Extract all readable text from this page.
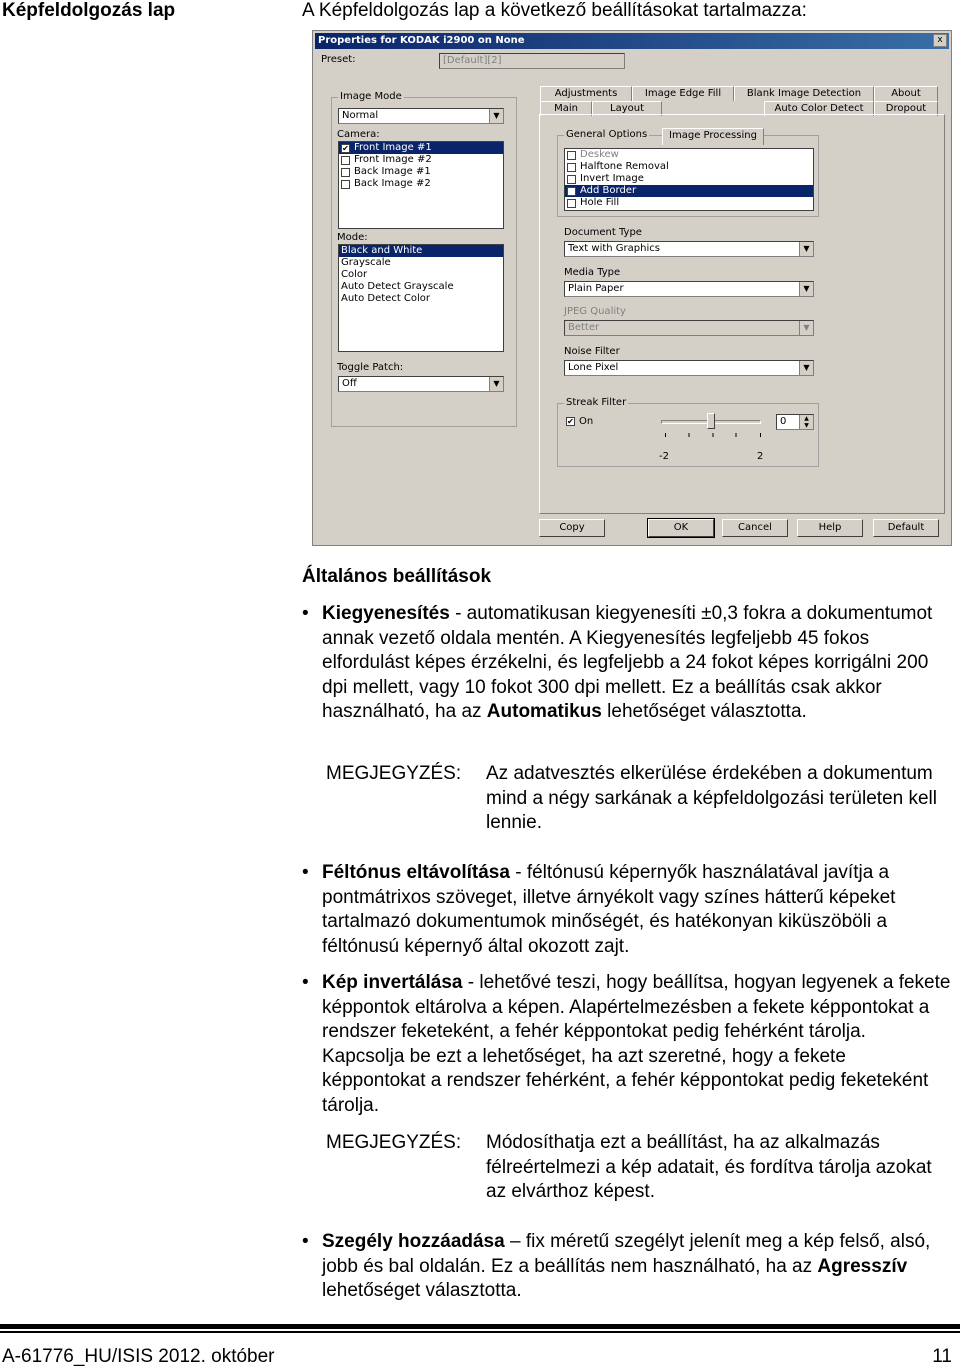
Képfeldolgozás lap	A Képfeldolgozás lap a következő beállításokat tartalmazza:
Properties for KODAK i2900 on None	x
Preset:	[Default][2]
Image Mode
Normal	▼
Camera:
✔ Front Image #1
Front Image #2
Back Image #1
Back Image #2
Mode:
Black and White
Grayscale
Color
Auto Detect Grayscale
Auto Detect Color
Toggle Patch:
Off	▼
Adjustments	Image Edge Fill	Blank Image Detection	About
Main	Layout
Image Processing
Auto Color Detect	Dropout
General Options
Deskew
Halftone Removal
Invert Image
Add Border
Hole Fill
Document Type
Text with Graphics	▼
Media Type
Plain Paper	▼
JPEG Quality
Better	▼
Noise Filter
Lone Pixel	▼
Streak Filter
✔ On
-2	2
0	▲
▼
Copy	OK	Cancel	Help	Default
Általános beállítások
• Kiegyenesítés - automatikusan kiegyenesíti ±0,3 fokra a dokumentumot annak vezető oldala mentén. A Kiegyenesítés legfeljebb 45 fokos elfordulást képes érzékelni, és legfeljebb a 24 fokot képes korrigálni 200 dpi mellett, vagy 10 fokot 300 dpi mellett. Ez a beállítás csak akkor használható, ha az Automatikus lehetőséget választotta.
MEGJEGYZÉS: Az adatvesztés elkerülése érdekében a dokumentum mind a négy sarkának a képfeldolgozási területen kell lennie.
• Féltónus eltávolítása - féltónusú képernyők használatával javítja a pontmátrixos szöveget, illetve árnyékolt vagy színes hátterű képeket tartalmazó dokumentumok minőségét, és hatékonyan kiküszöböli a féltónusú képernyő által okozott zajt.
• Kép invertálása - lehetővé teszi, hogy beállítsa, hogyan legyenek a fekete képpontok eltárolva a képen. Alapértelmezésben a fekete képpontokat a rendszer feketeként, a fehér képpontokat pedig fehérként tárolja. Kapcsolja be ezt a lehetőséget, ha azt szeretné, hogy a fekete képpontokat a rendszer fehérként, a fehér képpontokat pedig feketeként tárolja.
MEGJEGYZÉS: Módosíthatja ezt a beállítást, ha az alkalmazás félreértelmezi a kép adatait, és fordítva tárolja azokat az elvárthoz képest.
• Szegély hozzáadása – fix méretű szegélyt jelenít meg a kép felső, alsó, jobb és bal oldalán. Ez a beállítás nem használható, ha az Agresszív lehetőséget választotta.
A-61776_HU/ISIS 2012. október	11
